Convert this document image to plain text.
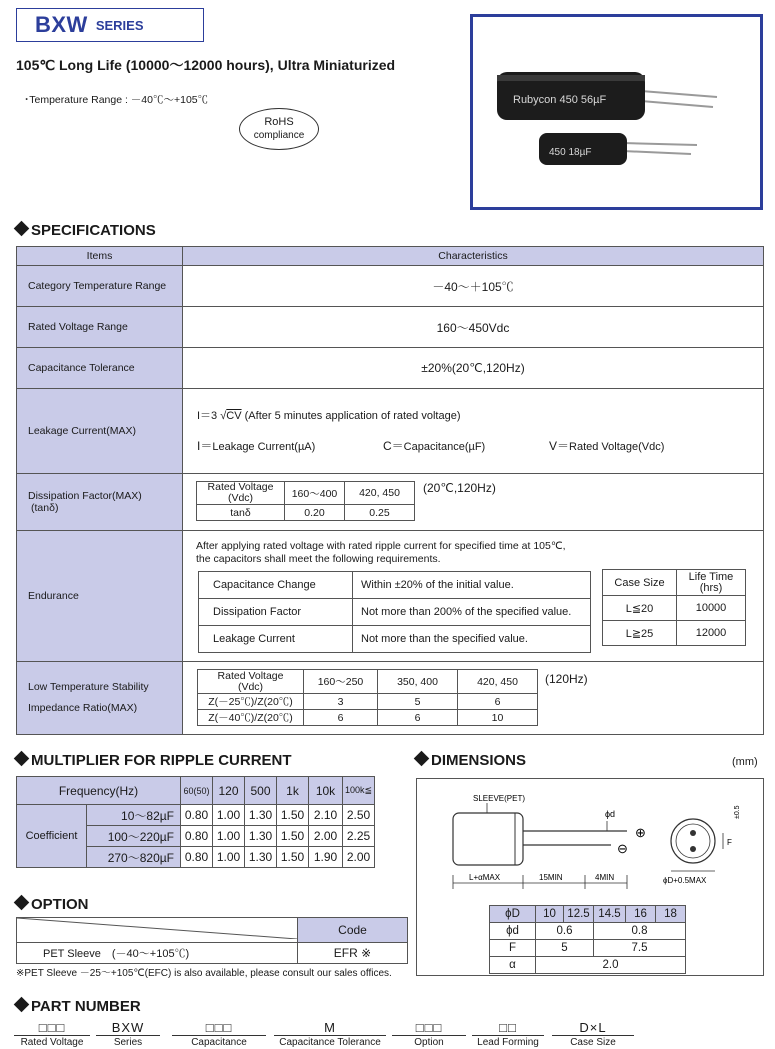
BXW SERIES
105℃ Long Life (10000～12000 hours), Ultra Miniaturized
･Temperature Range : －40℃～+105℃
RoHS
compliance
Rubycon 450 56µF
450 18µF
SPECIFICATIONS
Items	Characteristics
Category Temperature Range	－40～＋105℃
Rated Voltage Range	160～450Vdc
Capacitance Tolerance	±20%(20℃,120Hz)
Leakage Current(MAX)
I＝3 √CV (After 5 minutes application of rated voltage)
I＝Leakage Current(µA)	C＝Capacitance(µF)	V＝Rated Voltage(Vdc)
Dissipation Factor(MAX)
(tanδ)
Rated Voltage
(Vdc)	160～400	420, 450
tanδ	0.20	0.25
(20℃,120Hz)
Endurance
After applying rated voltage with rated ripple current for specified time at 105℃,
the capacitors shall meet the following requirements.
Capacitance Change	Within ±20% of the initial value.
Dissipation Factor	Not more than 200% of the specified value.
Leakage Current	Not more than the specified value.
Case Size	Life Time
(hrs)

L≦20	10000
L≧25	12000
Low Temperature Stability
Impedance Ratio(MAX)
Rated Voltage
(Vdc)	160～250	350, 400	420, 450
Z(－25℃)/Z(20℃)	3	5	6
Z(－40℃)/Z(20℃)	6	6	10
(120Hz)
MULTIPLIER FOR RIPPLE CURRENT
Frequency(Hz)		60(50)	120	500	1k	10k	100k≦
Coefficient	10～82µF	0.80	1.00	1.30	1.50	2.10	2.50
	100～220µF	0.80	1.00	1.30	1.50	2.00	2.25
	270～820µF	0.80	1.00	1.30	1.50	1.90	2.00
OPTION
	Code
PET Sleeve　(－40～+105℃)	EFR ※
※PET Sleeve －25～+105℃(EFC) is also available, please consult our sales offices.
DIMENSIONS	(mm)
SLEEVE(PET)
ϕd
⊕
⊖
L+αMAX	15MIN	4MIN	ϕD+0.5MAX
F
±0.5
ϕD	10	12.5	14.5	16	18
ϕd	0.6		0.8		
F	5		7.5		
α	2.0				
PART NUMBER
□□□
Rated Voltage
BXW
Series
□□□
Capacitance
M
Capacitance Tolerance
□□□
Option
□□
Lead Forming
D×L
Case Size
